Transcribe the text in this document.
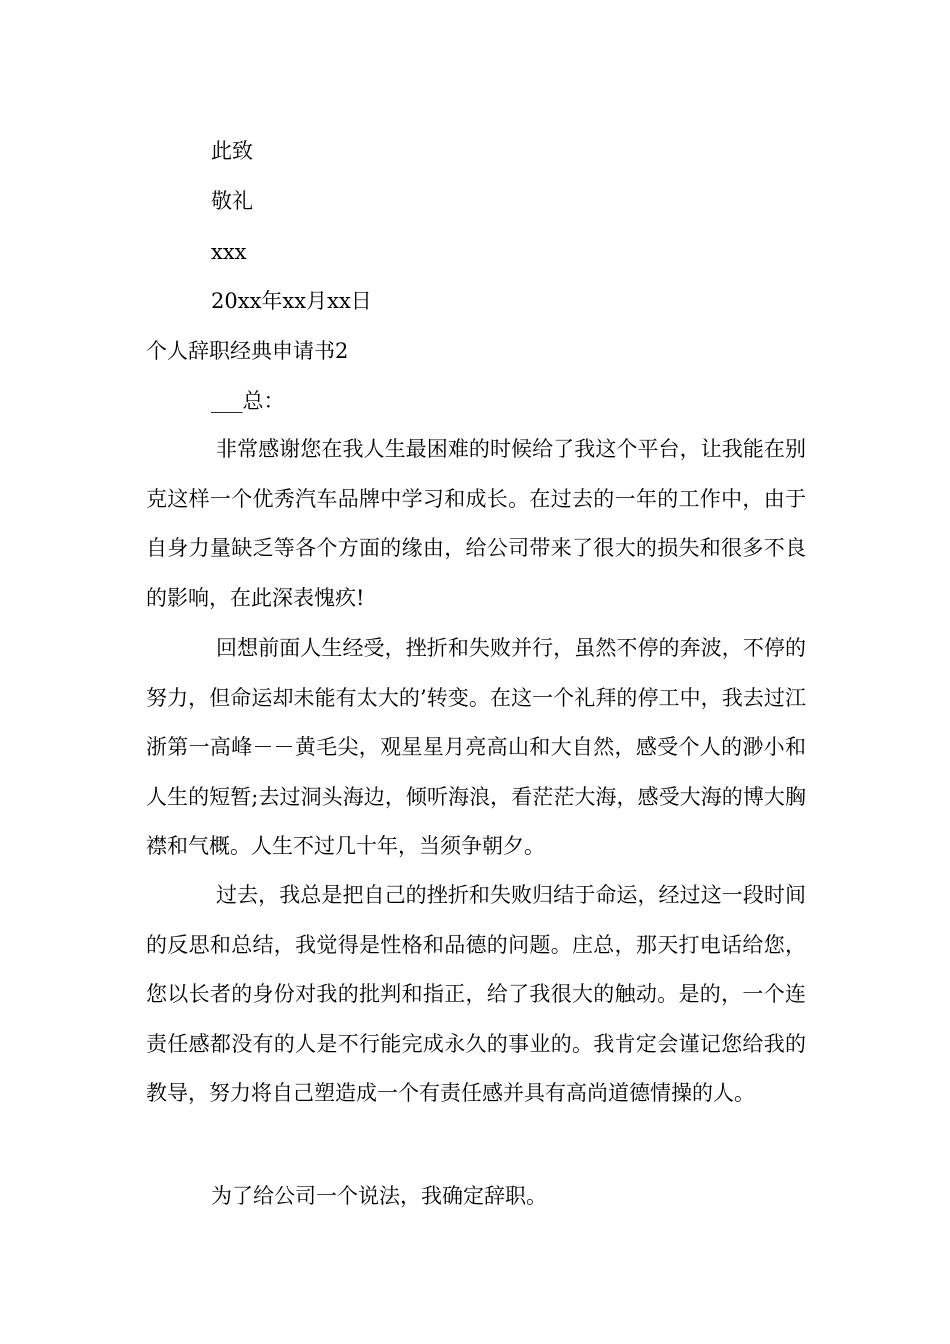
此致
敬礼
xxx
20xx年xx月xx日
个人辞职经典申请书2
___总：

非常感谢您在我人生最困难的时候给了我这个平台，让我能在别克这样一个优秀汽车品牌中学习和成长。在过去的一年的工作中，由于自身力量缺乏等各个方面的缘由，给公司带来了很大的损失和很多不良的影响，在此深表愧疚!

回想前面人生经受，挫折和失败并行，虽然不停的奔波，不停的努力，但命运却未能有太大的’转变。在这一个礼拜的停工中，我去过江浙第一高峰－－黄毛尖，观星星月亮高山和大自然，感受个人的渺小和人生的短暂;去过洞头海边，倾听海浪，看茫茫大海，感受大海的博大胸襟和气概。人生不过几十年，当须争朝夕。

过去，我总是把自己的挫折和失败归结于命运，经过这一段时间的反思和总结，我觉得是性格和品德的问题。庄总，那天打电话给您，您以长者的身份对我的批判和指正，给了我很大的触动。是的，一个连责任感都没有的人是不行能完成永久的事业的。我肯定会谨记您给我的教导，努力将自己塑造成一个有责任感并具有高尚道德情操的人。

为了给公司一个说法，我确定辞职。
